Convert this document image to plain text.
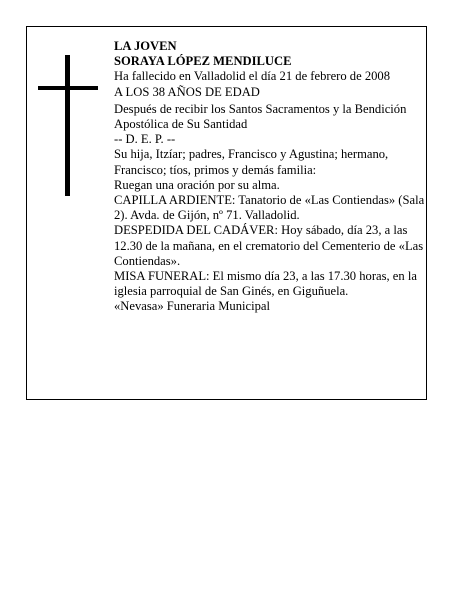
LA JOVEN

SORAYA LÓPEZ MENDILUCE

Ha fallecido en Valladolid el día 21 de febrero de 2008

A LOS 38 AÑOS DE EDAD

Después de recibir los Santos Sacramentos y la Bendición Apostólica de Su Santidad

-- D. E. P. --

Su hija, Itzíar; padres, Francisco y Agustina; hermano, Francisco; tíos, primos y demás familia:

Ruegan una oración por su alma.

CAPILLA ARDIENTE: Tanatorio de «Las Contiendas» (Sala 2). Avda. de Gijón, nº 71. Valladolid.

DESPEDIDA DEL CADÁVER: Hoy sábado, día 23, a las 12.30 de la mañana, en el crematorio del Cementerio de «Las Contiendas».

MISA FUNERAL: El mismo día 23, a las 17.30 horas, en la iglesia parroquial de San Ginés, en Giguñuela.

«Nevasa» Funeraria Municipal
